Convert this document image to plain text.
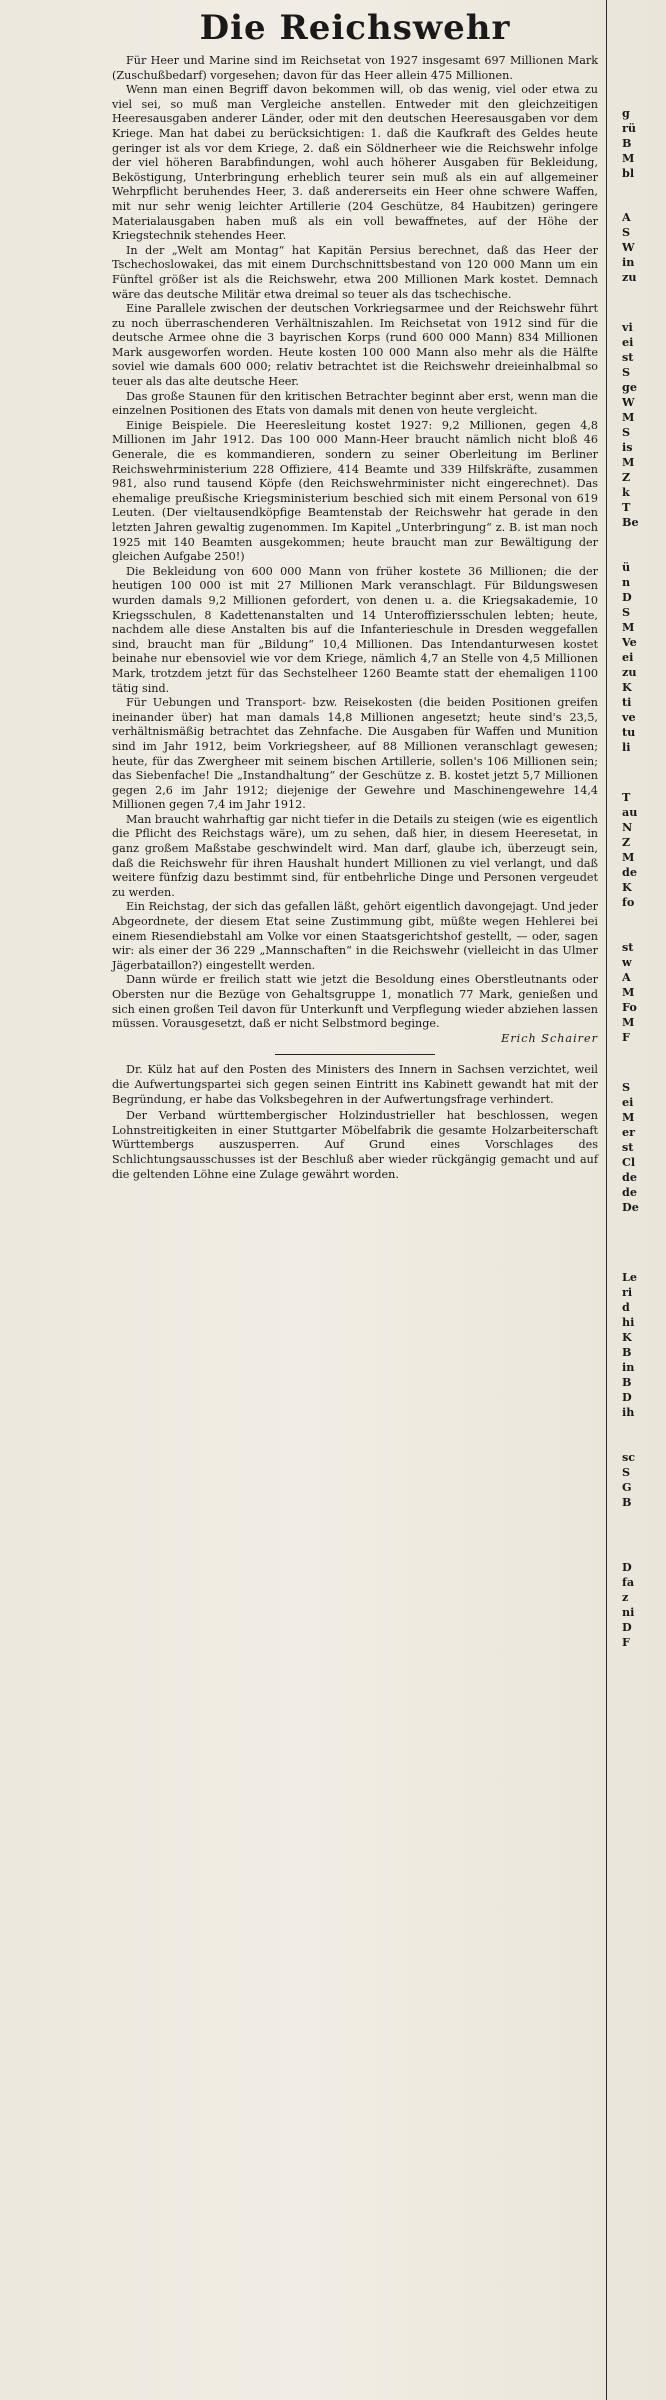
Die Reichswehr

Für Heer und Marine sind im Reichsetat von 1927 insgesamt 697 Millionen Mark (Zuschußbedarf) vorgesehen; davon für das Heer allein 475 Millionen.

Wenn man einen Begriff davon bekommen will, ob das wenig, viel oder etwa zu viel sei, so muß man Vergleiche anstellen. Entweder mit den gleichzeitigen Heeresausgaben anderer Länder, oder mit den deutschen Heeresausgaben vor dem Kriege. Man hat dabei zu berücksichtigen: 1. daß die Kaufkraft des Geldes heute geringer ist als vor dem Kriege, 2. daß ein Söldnerheer wie die Reichswehr infolge der viel höheren Barabfindungen, wohl auch höherer Ausgaben für Bekleidung, Beköstigung, Unterbringung erheblich teurer sein muß als ein auf allgemeiner Wehrpflicht beruhendes Heer, 3. daß andererseits ein Heer ohne schwere Waffen, mit nur sehr wenig leichter Artillerie (204 Geschütze, 84 Haubitzen) geringere Materialausgaben haben muß als ein voll bewaffnetes, auf der Höhe der Kriegstechnik stehendes Heer.

In der „Welt am Montag“ hat Kapitän Persius berechnet, daß das Heer der Tschechoslowakei, das mit einem Durchschnittsbestand von 120 000 Mann um ein Fünftel größer ist als die Reichswehr, etwa 200 Millionen Mark kostet. Demnach wäre das deutsche Militär etwa dreimal so teuer als das tschechische.

Eine Parallele zwischen der deutschen Vorkriegsarmee und der Reichswehr führt zu noch überraschenderen Verhältniszahlen. Im Reichsetat von 1912 sind für die deutsche Armee ohne die 3 bayrischen Korps (rund 600 000 Mann) 834 Millionen Mark ausgeworfen worden. Heute kosten 100 000 Mann also mehr als die Hälfte soviel wie damals 600 000; relativ betrachtet ist die Reichswehr dreieinhalbmal so teuer als das alte deutsche Heer.

Das große Staunen für den kritischen Betrachter beginnt aber erst, wenn man die einzelnen Positionen des Etats von damals mit denen von heute vergleicht.

Einige Beispiele. Die Heeresleitung kostet 1927: 9,2 Millionen, gegen 4,8 Millionen im Jahr 1912. Das 100 000 Mann-Heer braucht nämlich nicht bloß 46 Generale, die es kommandieren, sondern zu seiner Oberleitung im Berliner Reichswehrministerium 228 Offiziere, 414 Beamte und 339 Hilfskräfte, zusammen 981, also rund tausend Köpfe (den Reichswehrminister nicht eingerechnet). Das ehemalige preußische Kriegsministerium beschied sich mit einem Personal von 619 Leuten. (Der vieltausendköpfige Beamtenstab der Reichswehr hat gerade in den letzten Jahren gewaltig zugenommen. Im Kapitel „Unterbringung“ z. B. ist man noch 1925 mit 140 Beamten ausgekommen; heute braucht man zur Bewältigung der gleichen Aufgabe 250!)

Die Bekleidung von 600 000 Mann von früher kostete 36 Millionen; die der heutigen 100 000 ist mit 27 Millionen Mark veranschlagt. Für Bildungswesen wurden damals 9,2 Millionen gefordert, von denen u. a. die Kriegsakademie, 10 Kriegsschulen, 8 Kadettenanstalten und 14 Unteroffiziersschulen lebten; heute, nachdem alle diese Anstalten bis auf die Infanterieschule in Dresden weggefallen sind, braucht man für „Bildung“ 10,4 Millionen. Das Intendanturwesen kostet beinahe nur ebensoviel wie vor dem Kriege, nämlich 4,7 an Stelle von 4,5 Millionen Mark, trotzdem jetzt für das Sechstelheer 1260 Beamte statt der ehemaligen 1100 tätig sind.

Für Uebungen und Transport- bzw. Reisekosten (die beiden Positionen greifen ineinander über) hat man damals 14,8 Millionen angesetzt; heute sind's 23,5, verhältnismäßig betrachtet das Zehnfache. Die Ausgaben für Waffen und Munition sind im Jahr 1912, beim Vorkriegsheer, auf 88 Millionen veranschlagt gewesen; heute, für das Zwergheer mit seinem bischen Artillerie, sollen's 106 Millionen sein; das Siebenfache! Die „Instandhaltung“ der Geschütze z. B. kostet jetzt 5,7 Millionen gegen 2,6 im Jahr 1912; diejenige der Gewehre und Maschinengewehre 14,4 Millionen gegen 7,4 im Jahr 1912.

Man braucht wahrhaftig gar nicht tiefer in die Details zu steigen (wie es eigentlich die Pflicht des Reichstags wäre), um zu sehen, daß hier, in diesem Heeresetat, in ganz großem Maßstabe geschwindelt wird. Man darf, glaube ich, überzeugt sein, daß die Reichswehr für ihren Haushalt hundert Millionen zu viel verlangt, und daß weitere fünfzig dazu bestimmt sind, für entbehrliche Dinge und Personen vergeudet zu werden.

Ein Reichstag, der sich das gefallen läßt, gehört eigentlich davongejagt. Und jeder Abgeordnete, der diesem Etat seine Zustimmung gibt, müßte wegen Hehlerei bei einem Riesendiebstahl am Volke vor einen Staatsgerichtshof gestellt, — oder, sagen wir: als einer der 36 229 „Mannschaften“ in die Reichswehr (vielleicht in das Ulmer Jägerbataillon?) eingestellt werden.

Dann würde er freilich statt wie jetzt die Besoldung eines Oberstleutnants oder Obersten nur die Bezüge von Gehaltsgruppe 1, monatlich 77 Mark, genießen und sich einen großen Teil davon für Unterkunft und Verpflegung wieder abziehen lassen müssen. Vorausgesetzt, daß er nicht Selbstmord beginge.

Erich Schairer

Dr. Külz hat auf den Posten des Ministers des Innern in Sachsen verzichtet, weil die Aufwertungspartei sich gegen seinen Eintritt ins Kabinett gewandt hat mit der Begründung, er habe das Volksbegehren in der Aufwertungsfrage verhindert.

Der Verband württembergischer Holzindustrieller hat beschlossen, wegen Lohnstreitigkeiten in einer Stuttgarter Möbelfabrik die gesamte Holzarbeiterschaft Württembergs auszusperren. Auf Grund eines Vorschlages des Schlichtungsausschusses ist der Beschluß aber wieder rückgängig gemacht und auf die geltenden Löhne eine Zulage gewährt worden.

g
rü
B
M
bl
A
S
W
in
zu
vi
ei
st
S
ge
W
M
S
is
M
Z
k
T
Be
ü
n
D
S
M
Ve
ei
zu
K
ti
ve
tu
li
T
au
N
Z
M
de
K
fo
st
w
A
M
Fo
M
F
S
ei
M
er
st
Cl
de
de
De
Le
ri
d
hi
K
B
in
B
D
ih
sc
S
G
B
D
fa
z
ni
D
F
